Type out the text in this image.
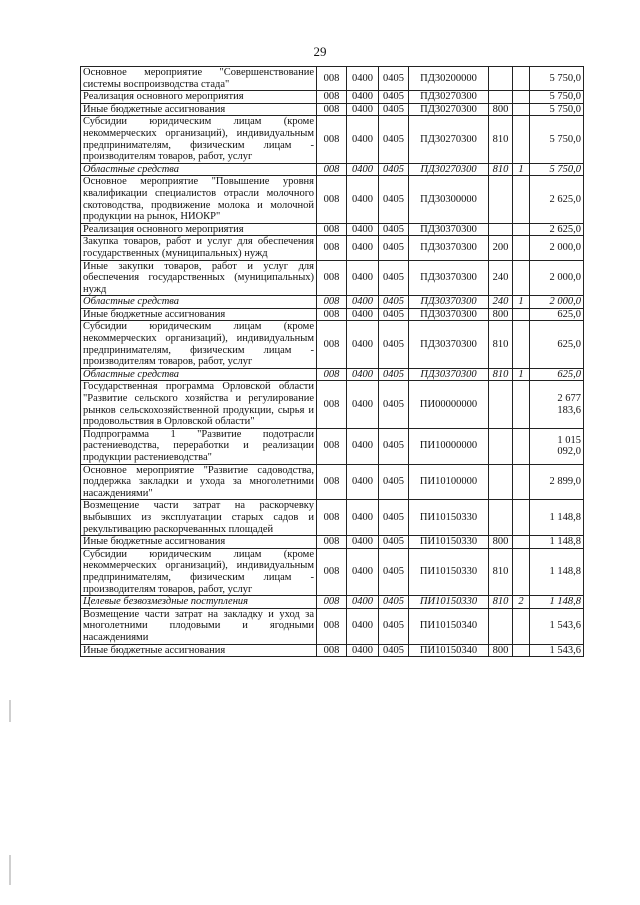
29
Основное мероприятие "Совершенствование системы воспроизводства стада"	008	0400	0405	ПД30200000			5 750,0
Реализация основного мероприятия	008	0400	0405	ПД30270300			5 750,0
Иные бюджетные ассигнования	008	0400	0405	ПД30270300	800		5 750,0
Субсидии юридическим лицам (кроме некоммерческих организаций), индивидуальным предпринимателям, физическим лицам - производителям товаров, работ, услуг	008	0400	0405	ПД30270300	810		5 750,0
Областные средства	008	0400	0405	ПД30270300	810	1	5 750,0
Основное мероприятие "Повышение уровня квалификации специалистов отрасли молочного скотоводства, продвижение молока и молочной продукции на рынок, НИОКР"	008	0400	0405	ПД30300000			2 625,0
Реализация основного мероприятия	008	0400	0405	ПД30370300			2 625,0
Закупка товаров, работ и услуг для обеспечения государственных (муниципальных) нужд	008	0400	0405	ПД30370300	200		2 000,0
Иные закупки товаров, работ и услуг для обеспечения государственных (муниципальных) нужд	008	0400	0405	ПД30370300	240		2 000,0
Областные средства	008	0400	0405	ПД30370300	240	1	2 000,0
Иные бюджетные ассигнования	008	0400	0405	ПД30370300	800		625,0
Субсидии юридическим лицам (кроме некоммерческих организаций), индивидуальным предпринимателям, физическим лицам - производителям товаров, работ, услуг	008	0400	0405	ПД30370300	810		625,0
Областные средства	008	0400	0405	ПД30370300	810	1	625,0
Государственная программа Орловской области "Развитие сельского хозяйства и регулирование рынков сельскохозяйственной продукции, сырья и продовольствия в Орловской области"	008	0400	0405	ПИ00000000			2 677 183,6
Подпрограмма 1 "Развитие подотрасли растениеводства, переработки и реализации продукции растениеводства"	008	0400	0405	ПИ10000000			1 015 092,0
Основное мероприятие "Развитие садоводства, поддержка закладки и ухода за многолетними насаждениями"	008	0400	0405	ПИ10100000			2 899,0
Возмещение части затрат на раскорчевку выбывших из эксплуатации старых садов и рекультивацию раскорчеванных площадей	008	0400	0405	ПИ10150330			1 148,8
Иные бюджетные ассигнования	008	0400	0405	ПИ10150330	800		1 148,8
Субсидии юридическим лицам (кроме некоммерческих организаций), индивидуальным предпринимателям, физическим лицам - производителям товаров, работ, услуг	008	0400	0405	ПИ10150330	810		1 148,8
Целевые безвозмездные поступления	008	0400	0405	ПИ10150330	810	2	1 148,8
Возмещение части затрат на закладку и уход за многолетними плодовыми и ягодными насаждениями	008	0400	0405	ПИ10150340			1 543,6
Иные бюджетные ассигнования	008	0400	0405	ПИ10150340	800		1 543,6
